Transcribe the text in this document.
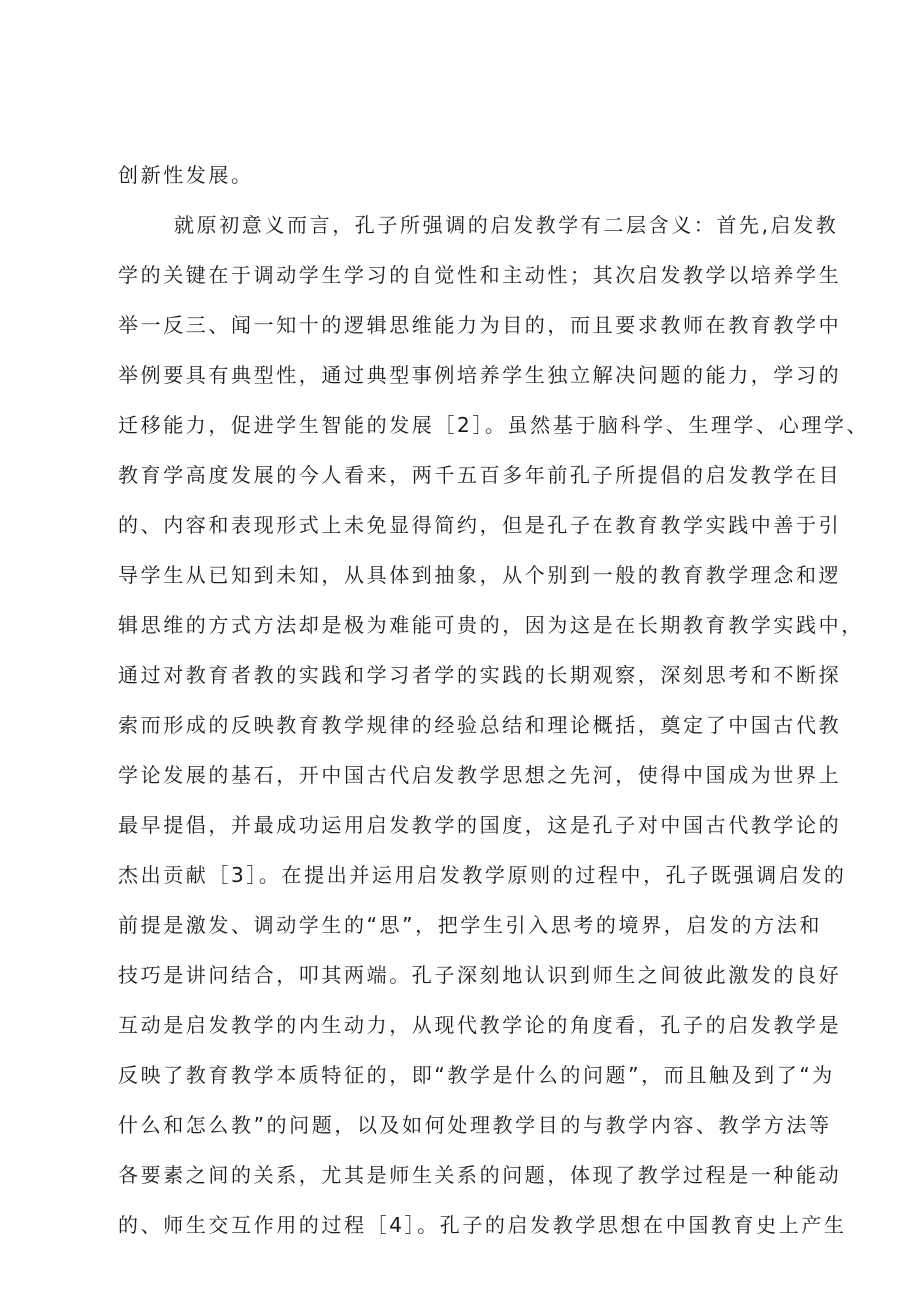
创新性发展。
就原初意义而言，孔子所强调的启发教学有二层含义：首先,启发教
学的关键在于调动学生学习的自觉性和主动性；其次启发教学以培养学生
举一反三、闻一知十的逻辑思维能力为目的，而且要求教师在教育教学中
举例要具有典型性，通过典型事例培养学生独立解决问题的能力，学习的
迁移能力，促进学生智能的发展［2］。虽然基于脑科学、生理学、心理学、
教育学高度发展的今人看来，两千五百多年前孔子所提倡的启发教学在目
的、内容和表现形式上未免显得简约，但是孔子在教育教学实践中善于引
导学生从已知到未知，从具体到抽象，从个别到一般的教育教学理念和逻
辑思维的方式方法却是极为难能可贵的，因为这是在长期教育教学实践中，
通过对教育者教的实践和学习者学的实践的长期观察，深刻思考和不断探
索而形成的反映教育教学规律的经验总结和理论概括，奠定了中国古代教
学论发展的基石，开中国古代启发教学思想之先河，使得中国成为世界上
最早提倡，并最成功运用启发教学的国度，这是孔子对中国古代教学论的
杰出贡献［3］。在提出并运用启发教学原则的过程中，孔子既强调启发的
前提是激发、调动学生的“思”，把学生引入思考的境界，启发的方法和
技巧是讲问结合，叩其两端。孔子深刻地认识到师生之间彼此激发的良好
互动是启发教学的内生动力，从现代教学论的角度看，孔子的启发教学是
反映了教育教学本质特征的，即“教学是什么的问题”，而且触及到了“为
什么和怎么教”的问题，以及如何处理教学目的与教学内容、教学方法等
各要素之间的关系，尤其是师生关系的问题，体现了教学过程是一种能动
的、师生交互作用的过程［4］。孔子的启发教学思想在中国教育史上产生
